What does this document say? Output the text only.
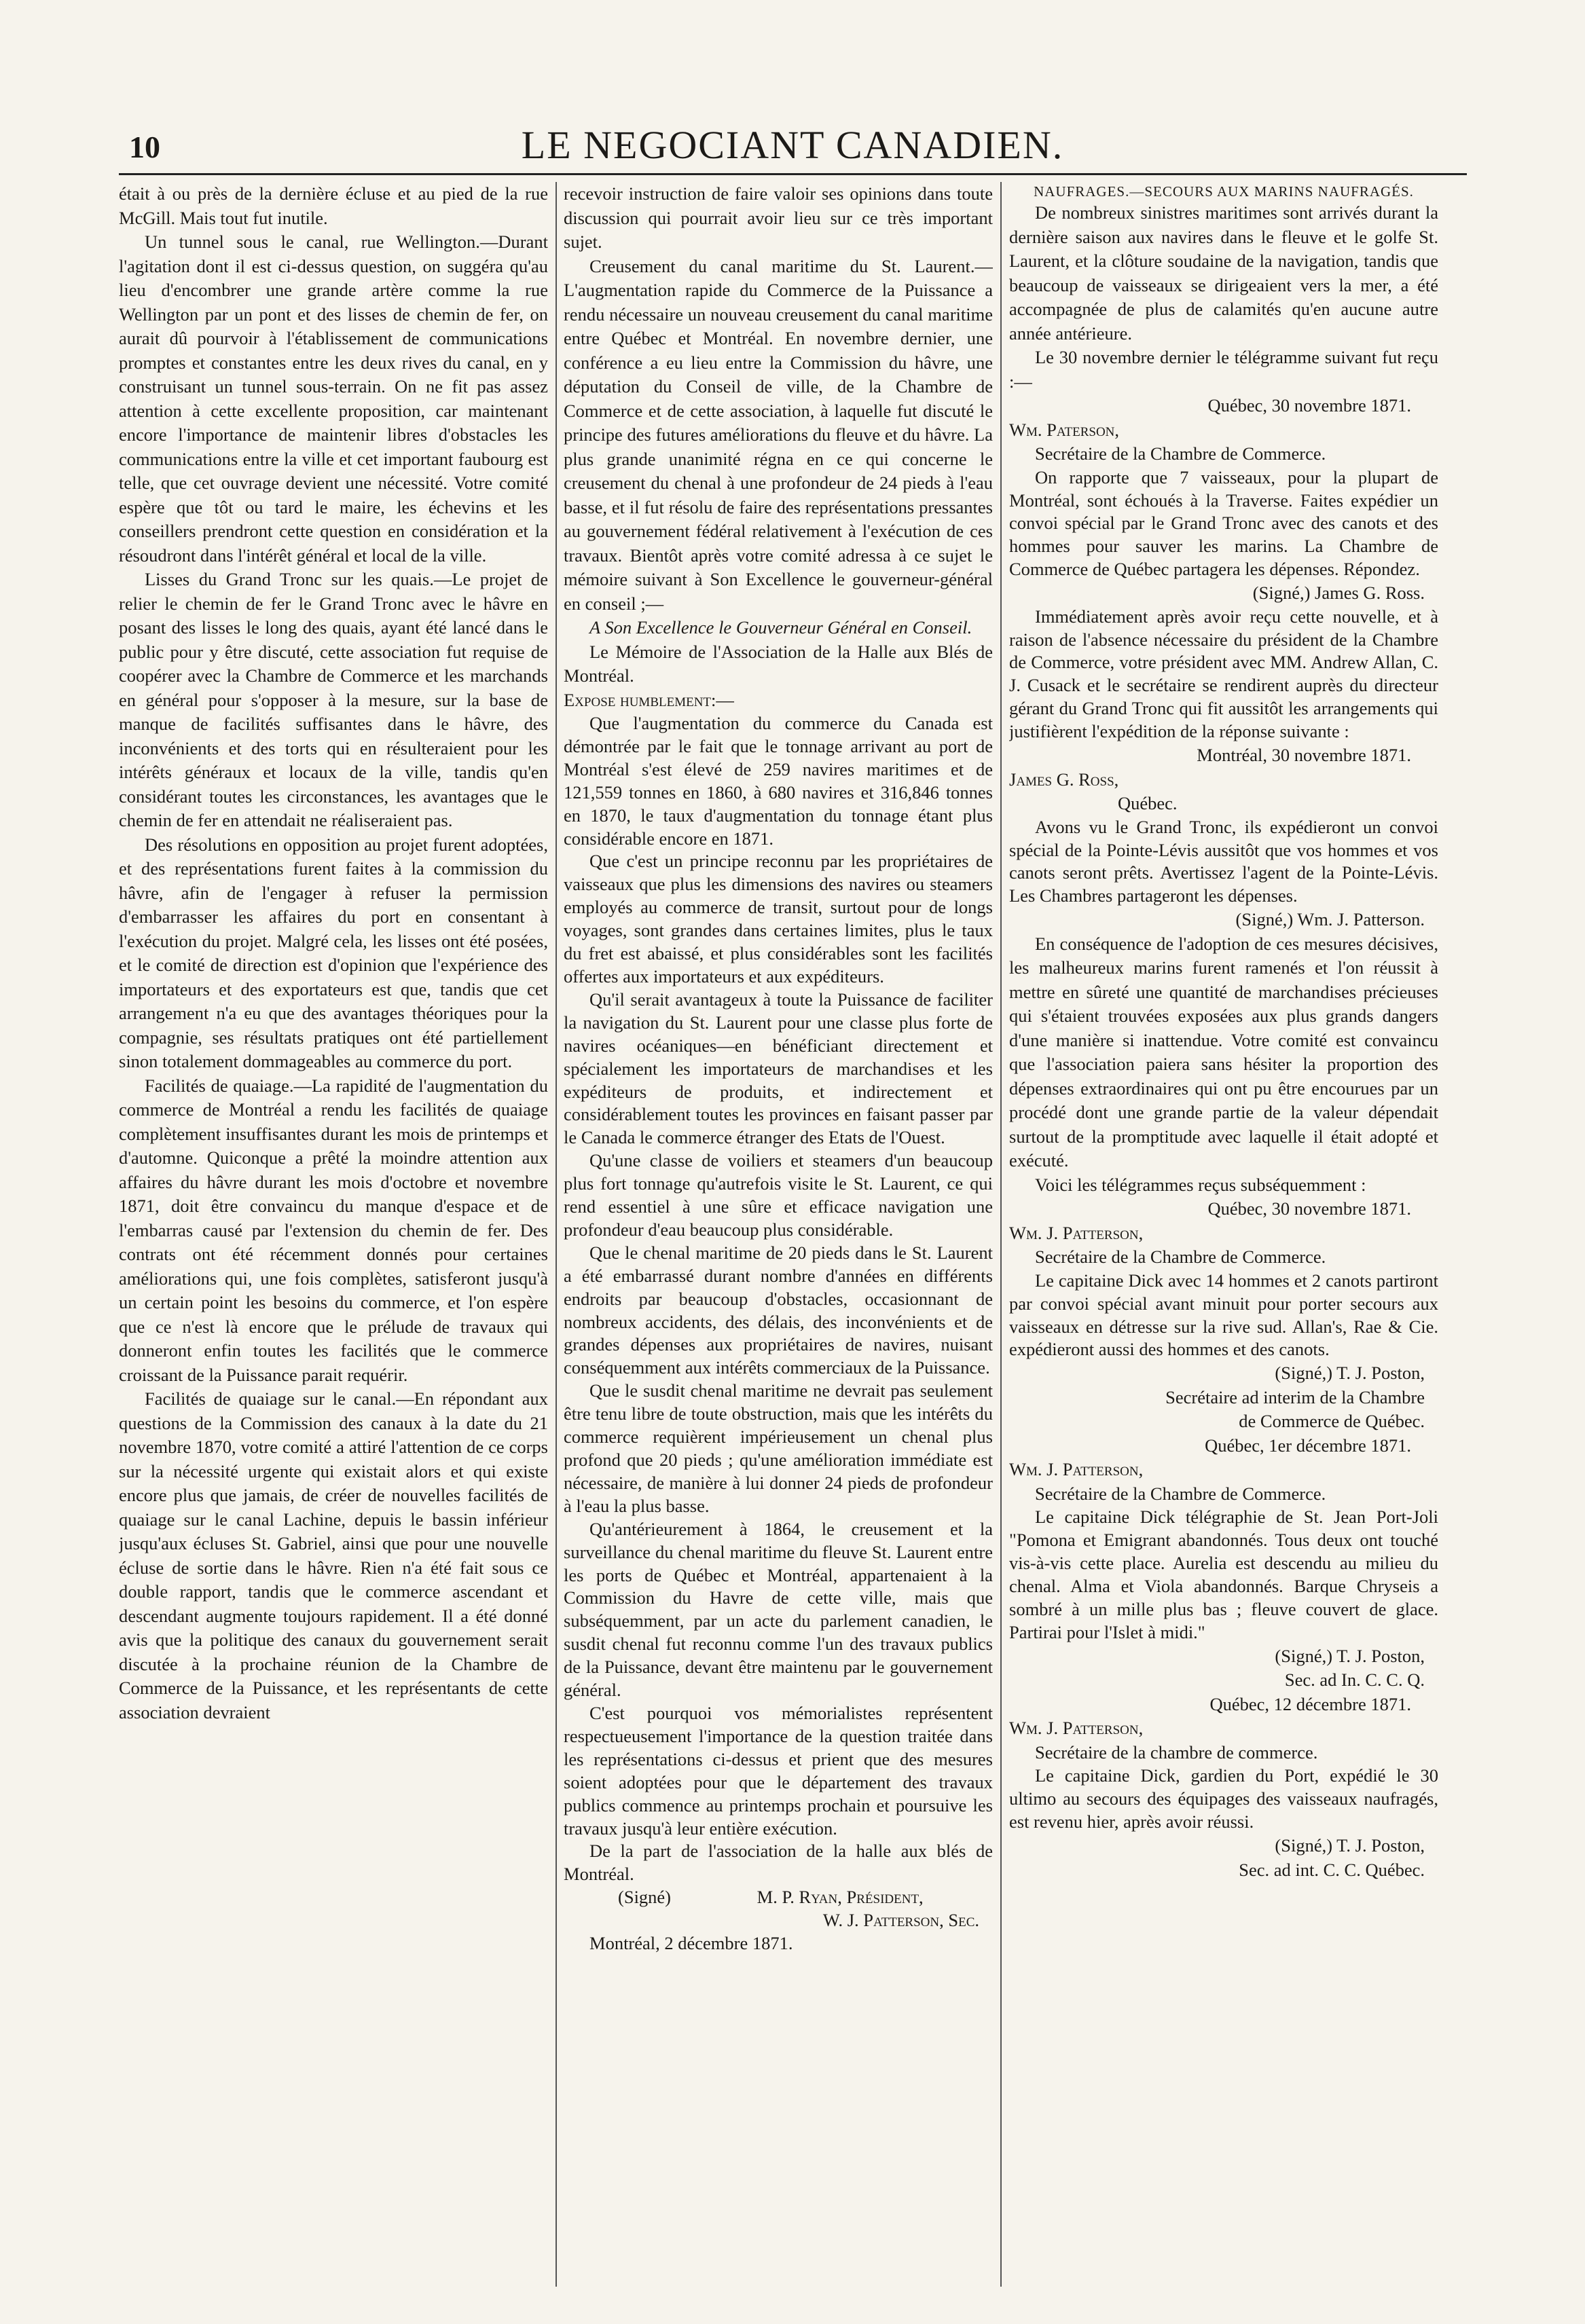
10	LE NEGOCIANT CANADIEN.

était à ou près de la dernière écluse et au pied de la rue McGill. Mais tout fut inutile.

Un tunnel sous le canal, rue Wellington.—Durant l'agitation dont il est ci-dessus question, on suggéra qu'au lieu d'encombrer une grande artère comme la rue Wellington par un pont et des lisses de chemin de fer, on aurait dû pourvoir à l'établissement de communications promptes et constantes entre les deux rives du canal, en y construisant un tunnel sous-terrain. On ne fit pas assez attention à cette excellente proposition, car maintenant encore l'importance de maintenir libres d'obstacles les communications entre la ville et cet important faubourg est telle, que cet ouvrage devient une nécessité. Votre comité espère que tôt ou tard le maire, les échevins et les conseillers prendront cette question en considération et la résoudront dans l'intérêt général et local de la ville.

Lisses du Grand Tronc sur les quais.—Le projet de relier le chemin de fer le Grand Tronc avec le hâvre en posant des lisses le long des quais, ayant été lancé dans le public pour y être discuté, cette association fut requise de coopérer avec la Chambre de Commerce et les marchands en général pour s'opposer à la mesure, sur la base de manque de facilités suffisantes dans le hâvre, des inconvénients et des torts qui en résulteraient pour les intérêts généraux et locaux de la ville, tandis qu'en considérant toutes les circonstances, les avantages que le chemin de fer en attendait ne réaliseraient pas.

Des résolutions en opposition au projet furent adoptées, et des représentations furent faites à la commission du hâvre, afin de l'engager à refuser la permission d'embarrasser les affaires du port en consentant à l'exécution du projet. Malgré cela, les lisses ont été posées, et le comité de direction est d'opinion que l'expérience des importateurs et des exportateurs est que, tandis que cet arrangement n'a eu que des avantages théoriques pour la compagnie, ses résultats pratiques ont été partiellement sinon totalement dommageables au commerce du port.

Facilités de quaiage.—La rapidité de l'augmentation du commerce de Montréal a rendu les facilités de quaiage complètement insuffisantes durant les mois de printemps et d'automne. Quiconque a prêté la moindre attention aux affaires du hâvre durant les mois d'octobre et novembre 1871, doit être convaincu du manque d'espace et de l'embarras causé par l'extension du chemin de fer. Des contrats ont été récemment donnés pour certaines améliorations qui, une fois complètes, satisferont jusqu'à un certain point les besoins du commerce, et l'on espère que ce n'est là encore que le prélude de travaux qui donneront enfin toutes les facilités que le commerce croissant de la Puissance parait requérir.

Facilités de quaiage sur le canal.—En répondant aux questions de la Commission des canaux à la date du 21 novembre 1870, votre comité a attiré l'attention de ce corps sur la nécessité urgente qui existait alors et qui existe encore plus que jamais, de créer de nouvelles facilités de quaiage sur le canal Lachine, depuis le bassin inférieur jusqu'aux écluses St. Gabriel, ainsi que pour une nouvelle écluse de sortie dans le hâvre. Rien n'a été fait sous ce double rapport, tandis que le commerce ascendant et descendant augmente toujours rapidement. Il a été donné avis que la politique des canaux du gouvernement serait discutée à la prochaine réunion de la Chambre de Commerce de la Puissance, et les représentants de cette association devraient

recevoir instruction de faire valoir ses opinions dans toute discussion qui pourrait avoir lieu sur ce très important sujet.

Creusement du canal maritime du St. Laurent.—L'augmentation rapide du Commerce de la Puissance a rendu nécessaire un nouveau creusement du canal maritime entre Québec et Montréal. En novembre dernier, une conférence a eu lieu entre la Commission du hâvre, une députation du Conseil de ville, de la Chambre de Commerce et de cette association, à laquelle fut discuté le principe des futures améliorations du fleuve et du hâvre. La plus grande unanimité régna en ce qui concerne le creusement du chenal à une profondeur de 24 pieds à l'eau basse, et il fut résolu de faire des représentations pressantes au gouvernement fédéral relativement à l'exécution de ces travaux. Bientôt après votre comité adressa à ce sujet le mémoire suivant à Son Excellence le gouverneur-général en conseil ;—

A Son Excellence le Gouverneur Général en Conseil.

Le Mémoire de l'Association de la Halle aux Blés de Montréal.

Expose humblement:—

Que l'augmentation du commerce du Canada est démontrée par le fait que le tonnage arrivant au port de Montréal s'est élevé de 259 navires maritimes et de 121,559 tonnes en 1860, à 680 navires et 316,846 tonnes en 1870, le taux d'augmentation du tonnage étant plus considérable encore en 1871.

Que c'est un principe reconnu par les propriétaires de vaisseaux que plus les dimensions des navires ou steamers employés au commerce de transit, surtout pour de longs voyages, sont grandes dans certaines limites, plus le taux du fret est abaissé, et plus considérables sont les facilités offertes aux importateurs et aux expéditeurs.

Qu'il serait avantageux à toute la Puissance de faciliter la navigation du St. Laurent pour une classe plus forte de navires océaniques—en bénéficiant directement et spécialement les importateurs de marchandises et les expéditeurs de produits, et indirectement et considérablement toutes les provinces en faisant passer par le Canada le commerce étranger des Etats de l'Ouest.

Qu'une classe de voiliers et steamers d'un beaucoup plus fort tonnage qu'autrefois visite le St. Laurent, ce qui rend essentiel à une sûre et efficace navigation une profondeur d'eau beaucoup plus considérable.

Que le chenal maritime de 20 pieds dans le St. Laurent a été embarrassé durant nombre d'années en différents endroits par beaucoup d'obstacles, occasionnant de nombreux accidents, des délais, des inconvénients et de grandes dépenses aux propriétaires de navires, nuisant conséquemment aux intérêts commerciaux de la Puissance.

Que le susdit chenal maritime ne devrait pas seulement être tenu libre de toute obstruction, mais que les intérêts du commerce requièrent impérieusement un chenal plus profond que 20 pieds ; qu'une amélioration immédiate est nécessaire, de manière à lui donner 24 pieds de profondeur à l'eau la plus basse.

Qu'antérieurement à 1864, le creusement et la surveillance du chenal maritime du fleuve St. Laurent entre les ports de Québec et Montréal, appartenaient à la Commission du Havre de cette ville, mais que subséquemment, par un acte du parlement canadien, le susdit chenal fut reconnu comme l'un des travaux publics de la Puissance, devant être maintenu par le gouvernement général.

C'est pourquoi vos mémorialistes représentent respectueusement l'importance de la question traitée dans les représentations ci-dessus et prient que des mesures soient adoptées pour que le département des travaux publics commence au printemps prochain et poursuive les travaux jusqu'à leur entière exécution.

De la part de l'association de la halle aux blés de Montréal.

(Signé)	M. P. Ryan, Président,

W. J. Patterson, Sec.

Montréal, 2 décembre 1871.

NAUFRAGES.—SECOURS AUX MARINS NAUFRAGÉS.

De nombreux sinistres maritimes sont arrivés durant la dernière saison aux navires dans le fleuve et le golfe St. Laurent, et la clôture soudaine de la navigation, tandis que beaucoup de vaisseaux se dirigeaient vers la mer, a été accompagnée de plus de calamités qu'en aucune autre année antérieure.

Le 30 novembre dernier le télégramme suivant fut reçu :—

Québec, 30 novembre 1871.

Wm. Paterson,

Secrétaire de la Chambre de Commerce.

On rapporte que 7 vaisseaux, pour la plupart de Montréal, sont échoués à la Traverse. Faites expédier un convoi spécial par le Grand Tronc avec des canots et des hommes pour sauver les marins. La Chambre de Commerce de Québec partagera les dépenses. Répondez.

(Signé,) James G. Ross.

Immédiatement après avoir reçu cette nouvelle, et à raison de l'absence nécessaire du président de la Chambre de Commerce, votre président avec MM. Andrew Allan, C. J. Cusack et le secrétaire se rendirent auprès du directeur gérant du Grand Tronc qui fit aussitôt les arrangements qui justifièrent l'expédition de la réponse suivante :

Montréal, 30 novembre 1871.

James G. Ross,

Québec.

Avons vu le Grand Tronc, ils expédieront un convoi spécial de la Pointe-Lévis aussitôt que vos hommes et vos canots seront prêts. Avertissez l'agent de la Pointe-Lévis. Les Chambres partageront les dépenses.

(Signé,) Wm. J. Patterson.

En conséquence de l'adoption de ces mesures décisives, les malheureux marins furent ramenés et l'on réussit à mettre en sûreté une quantité de marchandises précieuses qui s'étaient trouvées exposées aux plus grands dangers d'une manière si inattendue. Votre comité est convaincu que l'association paiera sans hésiter la proportion des dépenses extraordinaires qui ont pu être encourues par un procédé dont une grande partie de la valeur dépendait surtout de la promptitude avec laquelle il était adopté et exécuté.

Voici les télégrammes reçus subséquemment :

Québec, 30 novembre 1871.

Wm. J. Patterson,

Secrétaire de la Chambre de Commerce.

Le capitaine Dick avec 14 hommes et 2 canots partiront par convoi spécial avant minuit pour porter secours aux vaisseaux en détresse sur la rive sud. Allan's, Rae & Cie. expédieront aussi des hommes et des canots.

(Signé,) T. J. Poston,

Secrétaire ad interim de la Chambre

de Commerce de Québec.

Québec, 1er décembre 1871.

Wm. J. Patterson,

Secrétaire de la Chambre de Commerce.

Le capitaine Dick télégraphie de St. Jean Port-Joli "Pomona et Emigrant abandonnés. Tous deux ont touché vis-à-vis cette place. Aurelia est descendu au milieu du chenal. Alma et Viola abandonnés. Barque Chryseis a sombré à un mille plus bas ; fleuve couvert de glace. Partirai pour l'Islet à midi."

(Signé,) T. J. Poston,

Sec. ad In. C. C. Q.

Québec, 12 décembre 1871.

Wm. J. Patterson,

Secrétaire de la chambre de commerce.

Le capitaine Dick, gardien du Port, expédié le 30 ultimo au secours des équipages des vaisseaux naufragés, est revenu hier, après avoir réussi.

(Signé,) T. J. Poston,

Sec. ad int. C. C. Québec.
